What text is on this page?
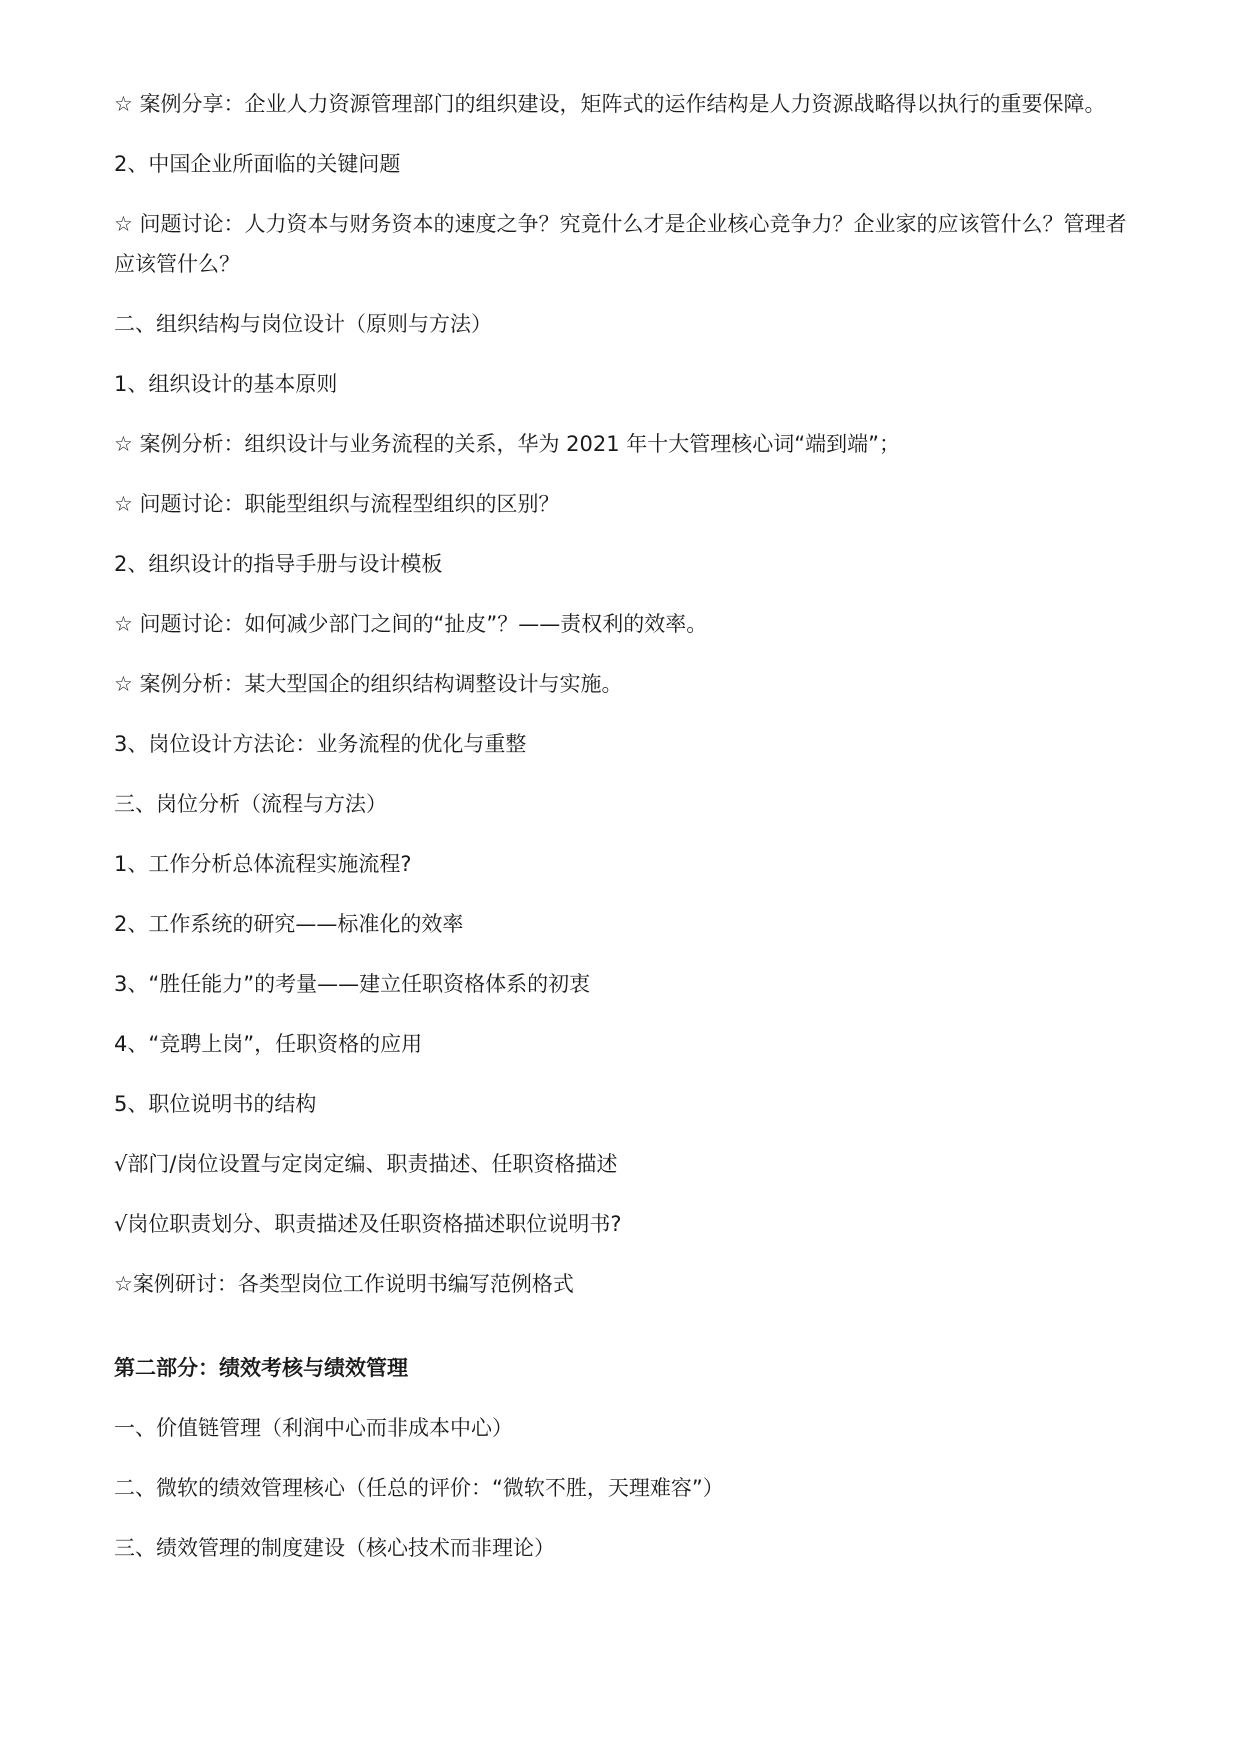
☆ 案例分享：企业人力资源管理部门的组织建设，矩阵式的运作结构是人力资源战略得以执行的重要保障。

2、中国企业所面临的关键问题

☆ 问题讨论：人力资本与财务资本的速度之争？究竟什么才是企业核心竞争力？企业家的应该管什么？管理者应该管什么？

二、组织结构与岗位设计（原则与方法）

1、组织设计的基本原则

☆ 案例分析：组织设计与业务流程的关系，华为 2021 年十大管理核心词“端到端”；

☆ 问题讨论：职能型组织与流程型组织的区别？

2、组织设计的指导手册与设计模板

☆ 问题讨论：如何减少部门之间的“扯皮”？——责权利的效率。

☆ 案例分析：某大型国企的组织结构调整设计与实施。

3、岗位设计方法论：业务流程的优化与重整

三、岗位分析（流程与方法）

1、工作分析总体流程实施流程?

2、工作系统的研究——标准化的效率

3、“胜任能力”的考量——建立任职资格体系的初衷

4、“竞聘上岗”，任职资格的应用

5、职位说明书的结构

√部门/岗位设置与定岗定编、职责描述、任职资格描述

√岗位职责划分、职责描述及任职资格描述职位说明书?

☆案例研讨：各类型岗位工作说明书编写范例格式

第二部分：绩效考核与绩效管理

一、价值链管理（利润中心而非成本中心）

二、微软的绩效管理核心（任总的评价：“微软不胜，天理难容”）

三、绩效管理的制度建设（核心技术而非理论）
